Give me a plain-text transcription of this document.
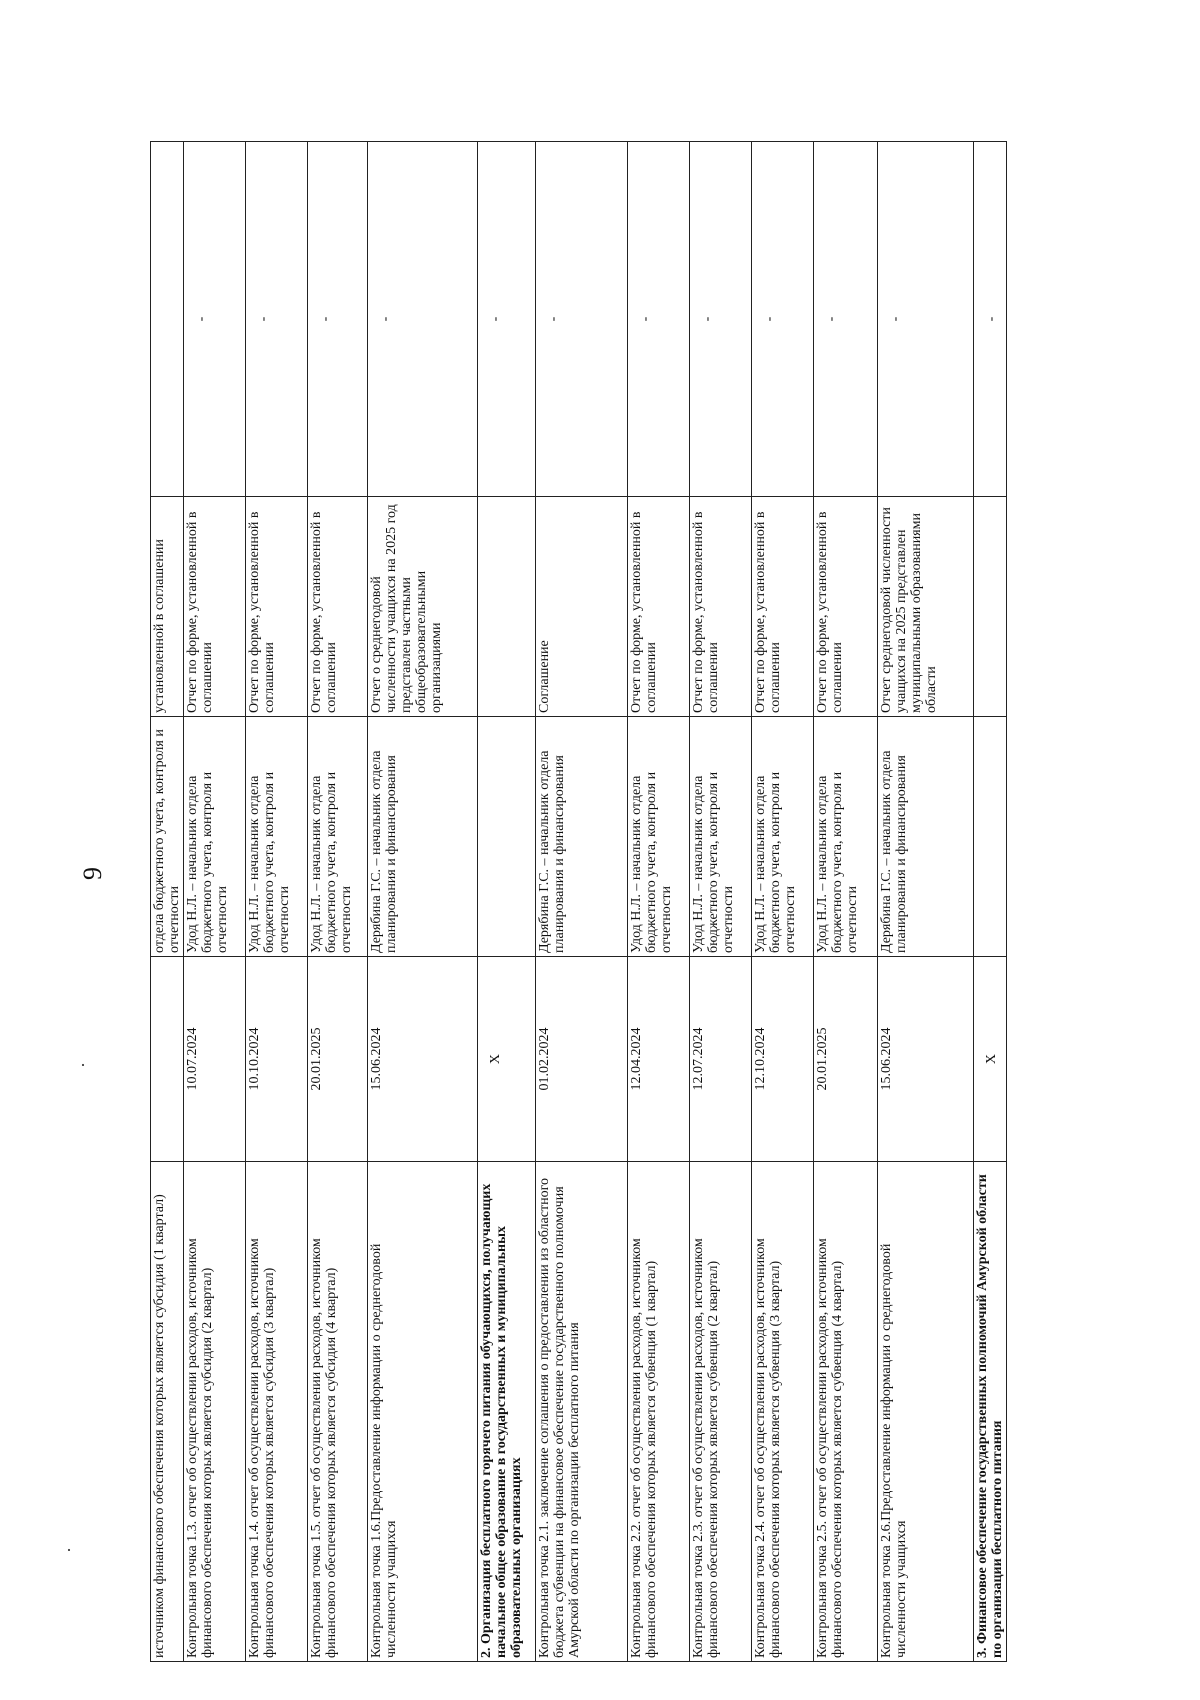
9
·
·
источником финансового обеспечения которых является субсидия (1 квартал)		отдела бюджетного учета, контроля и отчетности	установленной в соглашении	
Контрольная точка 1.3. отчет об осуществлении расходов, источником финансового обеспечения которых является субсидия (2 квартал)	10.07.2024	Удод Н.Л. – начальник отдела бюджетного учета, контроля и отчетности	Отчет по форме, установленной в соглашении	-
Контрольная точка 1.4. отчет об осуществлении расходов, источником финансового обеспечения которых является субсидия (3 квартал)	10.10.2024	Удод Н.Л. – начальник отдела бюджетного учета, контроля и отчетности	Отчет по форме, установленной в соглашении	-
Контрольная точка 1.5. отчет об осуществлении расходов, источником финансового обеспечения которых является субсидия (4 квартал)	20.01.2025	Удод Н.Л. – начальник отдела бюджетного учета, контроля и отчетности	Отчет по форме, установленной в соглашении	-
Контрольная точка 1.6.Предоставление информации о среднегодовой численности учащихся	15.06.2024	Дерябина Г.С. – начальник отдела планирования и финансирования	Отчет о среднегодовой численности учащихся на 2025 год представлен частными общеобразовательными организациями	-
2. Организация бесплатного горячего питания обучающихся, получающих начальное общее образование в государственных и муниципальных образовательных организациях	Х			-
Контрольная точка 2.1. заключение соглашения о предоставлении из областного бюджета субвенции на финансовое обеспечение государственного полномочия Амурской области по организации бесплатного питания	01.02.2024	Дерябина Г.С. – начальник отдела планирования и финансирования	Соглашение	-
Контрольная точка 2.2. отчет об осуществлении расходов, источником финансового обеспечения которых является субвенция (1 квартал)	12.04.2024	Удод Н.Л. – начальник отдела бюджетного учета, контроля и отчетности	Отчет по форме, установленной в соглашении	-
Контрольная точка 2.3. отчет об осуществлении расходов, источником финансового обеспечения которых является субвенция (2 квартал)	12.07.2024	Удод Н.Л. – начальник отдела бюджетного учета, контроля и отчетности	Отчет по форме, установленной в соглашении	-
Контрольная точка 2.4. отчет об осуществлении расходов, источником финансового обеспечения которых является субвенция (3 квартал)	12.10.2024	Удод Н.Л. – начальник отдела бюджетного учета, контроля и отчетности	Отчет по форме, установленной в соглашении	-
Контрольная точка 2.5. отчет об осуществлении расходов, источником финансового обеспечения которых является субвенция (4 квартал)	20.01.2025	Удод Н.Л. – начальник отдела бюджетного учета, контроля и отчетности	Отчет по форме, установленной в соглашении	-
Контрольная точка 2.6.Предоставление информации о среднегодовой численности учащихся	15.06.2024	Дерябина Г.С. – начальник отдела планирования и финансирования	Отчет среднегодовой численности учащихся на 2025 представлен муниципальными образованиями области	-
3. Финансовое обеспечение государственных полномочий Амурской области по организации бесплатного питания	Х			-
